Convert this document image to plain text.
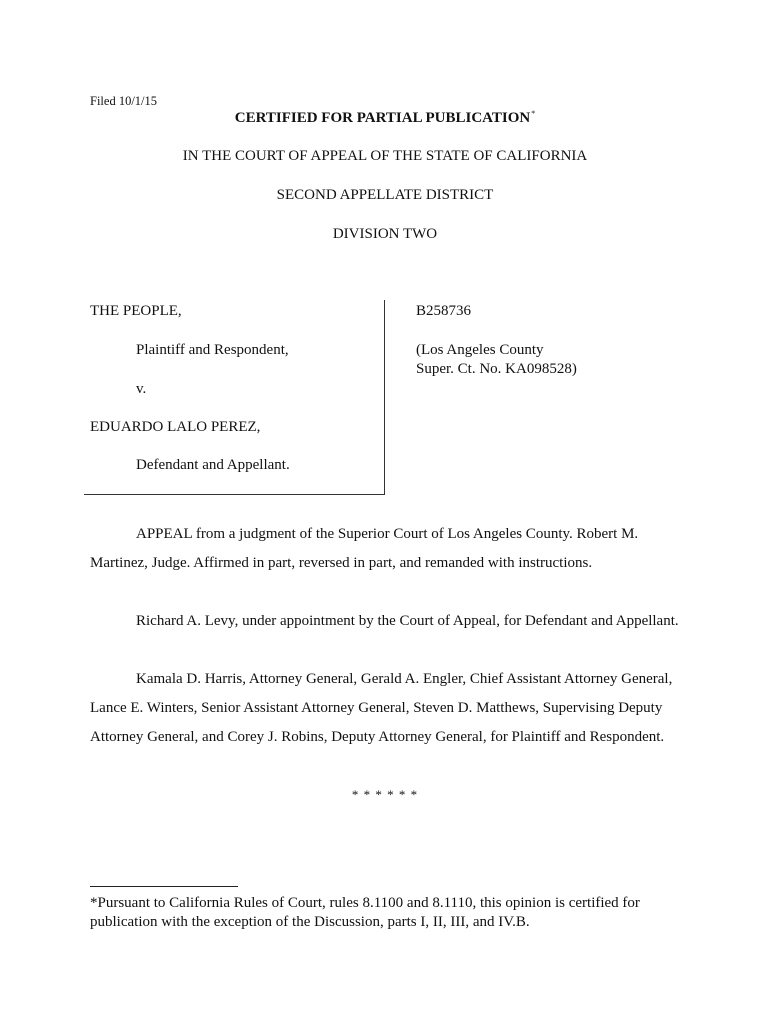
Filed 10/1/15
CERTIFIED FOR PARTIAL PUBLICATION*
IN THE COURT OF APPEAL OF THE STATE OF CALIFORNIA
SECOND APPELLATE DISTRICT
DIVISION TWO
THE PEOPLE,
Plaintiff and Respondent,
v.
EDUARDO LALO PEREZ,
Defendant and Appellant.
B258736
(Los Angeles County
Super. Ct. No. KA098528)
APPEAL from a judgment of the Superior Court of Los Angeles County. Robert M. Martinez, Judge. Affirmed in part, reversed in part, and remanded with instructions.
Richard A. Levy, under appointment by the Court of Appeal, for Defendant and Appellant.
Kamala D. Harris, Attorney General, Gerald A. Engler, Chief Assistant Attorney General, Lance E. Winters, Senior Assistant Attorney General, Steven D. Matthews, Supervising Deputy Attorney General, and Corey J. Robins, Deputy Attorney General, for Plaintiff and Respondent.
* * * * * *
*Pursuant to California Rules of Court, rules 8.1100 and 8.1110, this opinion is certified for publication with the exception of the Discussion, parts I, II, III, and IV.B.
